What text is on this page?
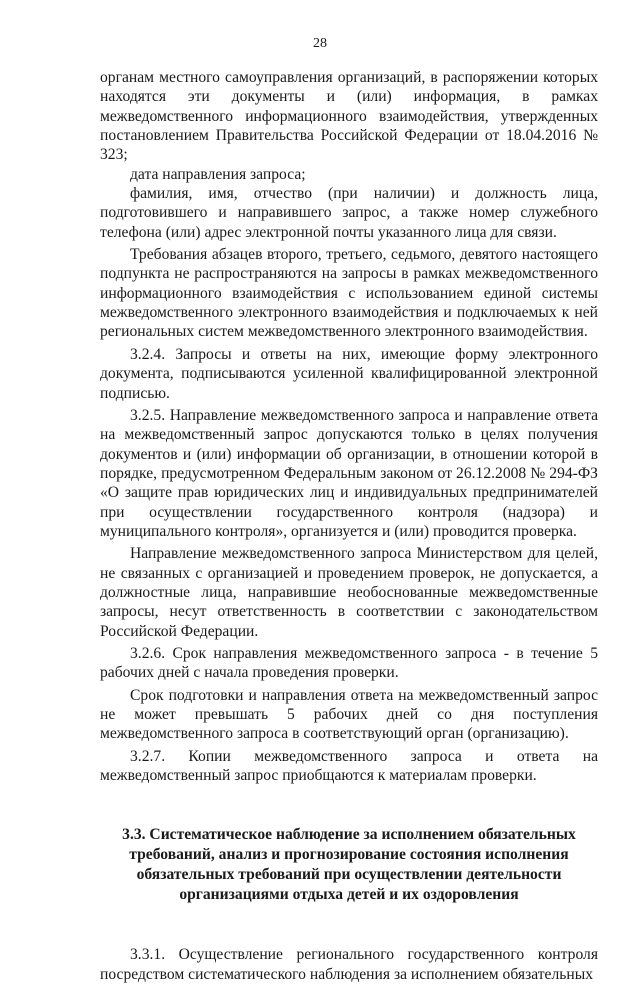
28

органам местного самоуправления организаций, в распоряжении которых находятся эти документы и (или) информация, в рамках межведомственного информационного взаимодействия, утвержденных постановлением Правительства Российской Федерации от 18.04.2016 № 323;

дата направления запроса;

фамилия, имя, отчество (при наличии) и должность лица, подготовившего и направившего запрос, а также номер служебного телефона (или) адрес электронной почты указанного лица для связи.

Требования абзацев второго, третьего, седьмого, девятого настоящего подпункта не распространяются на запросы в рамках межведомственного информационного взаимодействия с использованием единой системы межведомственного электронного взаимодействия и подключаемых к ней региональных систем межведомственного электронного взаимодействия.

3.2.4. Запросы и ответы на них, имеющие форму электронного документа, подписываются усиленной квалифицированной электронной подписью.

3.2.5. Направление межведомственного запроса и направление ответа на межведомственный запрос допускаются только в целях получения документов и (или) информации об организации, в отношении которой в порядке, предусмотренном Федеральным законом от 26.12.2008 № 294-ФЗ «О защите прав юридических лиц и индивидуальных предпринимателей при осуществлении государственного контроля (надзора) и муниципального контроля», организуется и (или) проводится проверка.

Направление межведомственного запроса Министерством для целей, не связанных с организацией и проведением проверок, не допускается, а должностные лица, направившие необоснованные межведомственные запросы, несут ответственность в соответствии с законодательством Российской Федерации.

3.2.6. Срок направления межведомственного запроса - в течение 5 рабочих дней с начала проведения проверки.

Срок подготовки и направления ответа на межведомственный запрос не может превышать 5 рабочих дней со дня поступления межведомственного запроса в соответствующий орган (организацию).

3.2.7. Копии межведомственного запроса и ответа на межведомственный запрос приобщаются к материалам проверки.

3.3. Систематическое наблюдение за исполнением обязательных требований, анализ и прогнозирование состояния исполнения обязательных требований при осуществлении деятельности организациями отдыха детей и их оздоровления

3.3.1. Осуществление регионального государственного контроля посредством систематического наблюдения за исполнением обязательных
